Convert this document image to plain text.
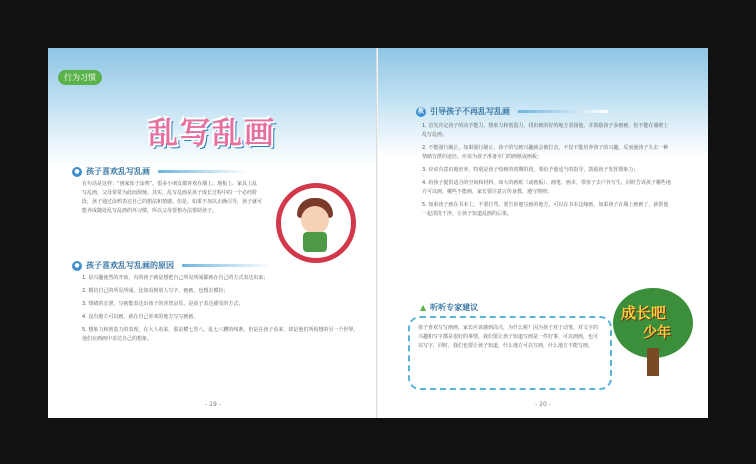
行为习惯
乱写乱画
● 孩子喜欢乱写乱画

有句话是这样：“画家始于涂鸦”。很多小朋友都喜欢在墙上、地板上、家具上乱写乱画，父母常常为此而烦恼。其实，乱写乱画是孩子成长过程中的一个必经阶段，孩子通过涂鸦表达自己的想法和情感。但是，如果不加以正确引导，孩子就可能养成随处乱写乱画的坏习惯，所以父母要想办法帮助孩子。

● 孩子喜欢乱写乱画的原因

1. 是兴趣使然的开始，有的孩子就是想把自己所见所闻都画在自己的方式表达出来；

2. 模仿自己的所见所闻，比如看到别人写字、画画，也想去模仿；

3. 情绪的宣泄，写画能表达出孩子的喜怒哀乐，是孩子表达感受的方式；

4. 没有地方可以画，就在自己喜欢的地方写写画画。

5. 想象力和创造力的表现，在大人看来，那是横七竖八、乱七八糟的线条，但是在孩子看来，却是他们所构想的另一个世界，他们在画画中表达自己的想象。

- 19 -
教 引导孩子不再乱写乱画

1. 首先肯定孩子的动手能力、想象力和创造力，找出画的好的地方表扬他，并鼓励孩子多画画，但不能在墙壁上乱写乱画；

2. 不能强行制止，如果强行制止，孩子的写画兴趣就会被打击，不仅不能培养孩子的兴趣，反而使孩子失去一种情绪宣泄的途径。应该为孩子准备专门的画纸或画板；

3. 应该有意识地培养，特别是孩子绘画的初期阶段，要给予他适当的指导，鼓励孩子发挥想象力；

4. 给孩子提供适合的空间和材料，如大的画纸（或画板）、画笔，画本，带孩子去户外写生，同时告诉孩子哪些地方可以画，哪些不能画，家长要注意言传身教，遵守规则；

5. 如果孩子画在书本上，不要打骂，要告诉他写画的地方，可以在书本边缘画，如果孩子在墙上画画了，就帮他一起清洗干净，让孩子知道乱画的后果。

▲ 听听专家建议
孩子喜欢写写画画，家长应该感到高兴，为什么呢？因为孩子对于动笔、对文字的兴趣和写字都是很好的事情，我们要让孩子知道写画是一件好事，可以画画，也可以写字，同时，我们也要让孩子知道，什么地方可以写画，什么地方不能写画。
成长吧
少年
- 20 -
